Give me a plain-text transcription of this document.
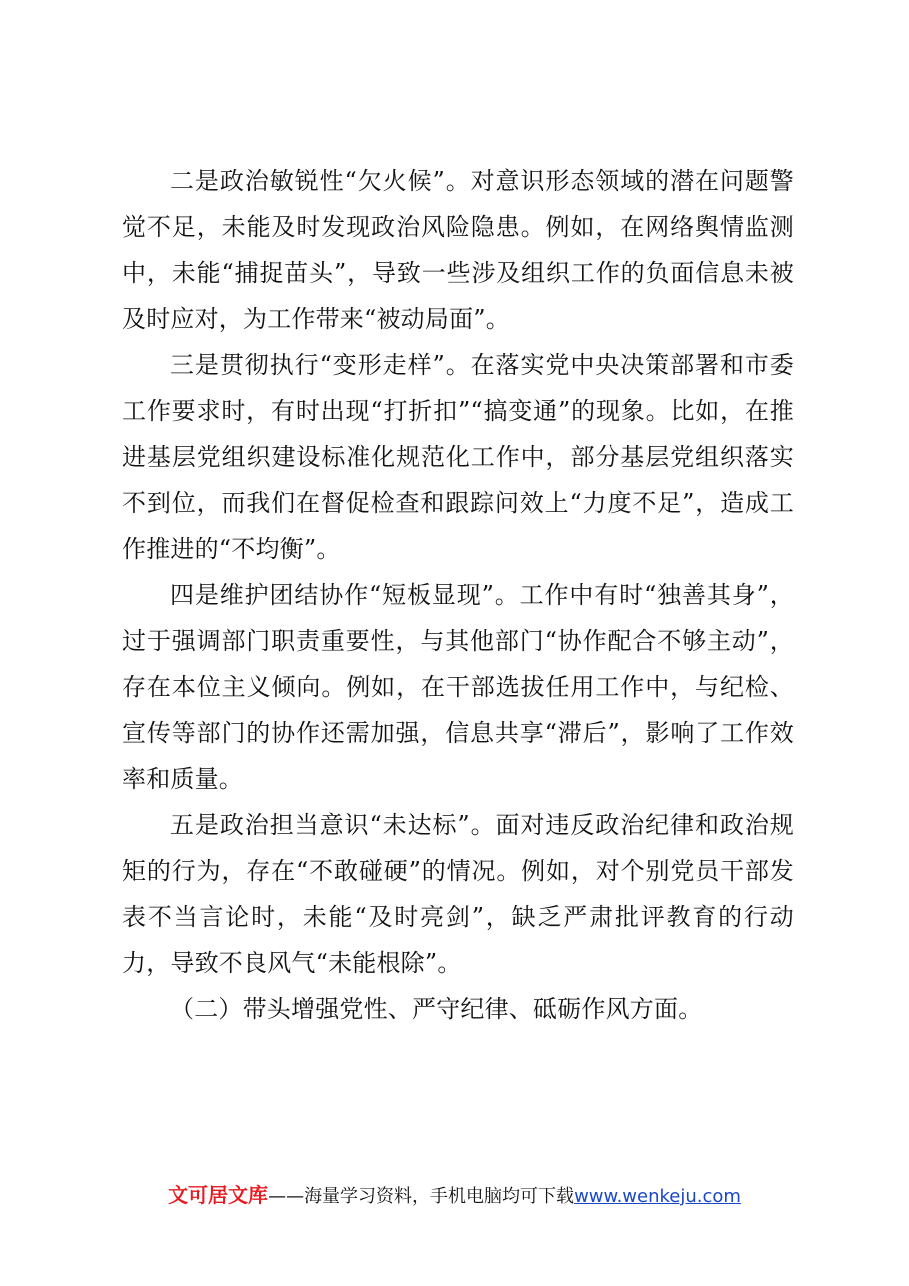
二是政治敏锐性“欠火候”。对意识形态领域的潜在问题警觉不足，未能及时发现政治风险隐患。例如，在网络舆情监测中，未能“捕捉苗头”，导致一些涉及组织工作的负面信息未被及时应对，为工作带来“被动局面”。

三是贯彻执行“变形走样”。在落实党中央决策部署和市委工作要求时，有时出现“打折扣”“搞变通”的现象。比如，在推进基层党组织建设标准化规范化工作中，部分基层党组织落实不到位，而我们在督促检查和跟踪问效上“力度不足”，造成工作推进的“不均衡”。

四是维护团结协作“短板显现”。工作中有时“独善其身”，过于强调部门职责重要性，与其他部门“协作配合不够主动”，存在本位主义倾向。例如，在干部选拔任用工作中，与纪检、宣传等部门的协作还需加强，信息共享“滞后”，影响了工作效率和质量。

五是政治担当意识“未达标”。面对违反政治纪律和政治规矩的行为，存在“不敢碰硬”的情况。例如，对个别党员干部发表不当言论时，未能“及时亮剑”，缺乏严肃批评教育的行动力，导致不良风气“未能根除”。

（二）带头增强党性、严守纪律、砥砺作风方面。

文可居文库——海量学习资料，手机电脑均可下载www.wenkeju.com
